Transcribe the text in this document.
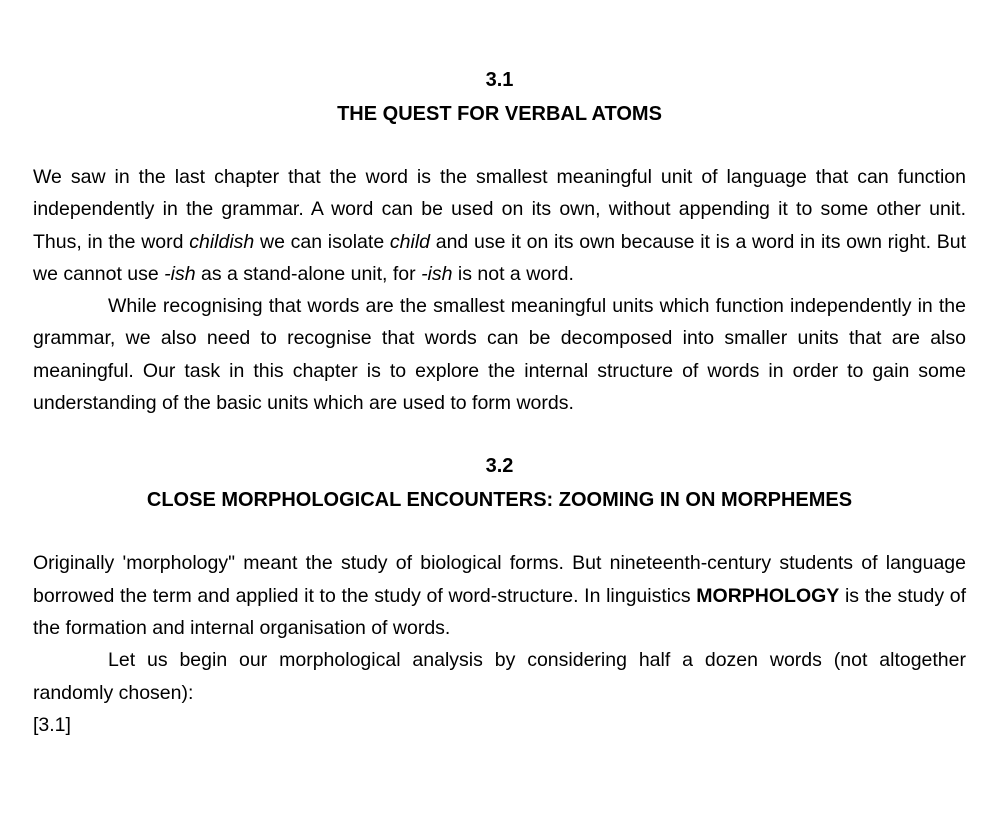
3.1
THE QUEST FOR VERBAL ATOMS

We saw in the last chapter that the word is the smallest meaningful unit of language that can function independently in the grammar. A word can be used on its own, without appending it to some other unit. Thus, in the word childish we can isolate child and use it on its own because it is a word in its own right. But we cannot use -ish as a stand-alone unit, for -ish is not a word.

While recognising that words are the smallest meaningful units which function independently in the grammar, we also need to recognise that words can be decomposed into smaller units that are also meaningful. Our task in this chapter is to explore the internal structure of words in order to gain some understanding of the basic units which are used to form words.

3.2
CLOSE MORPHOLOGICAL ENCOUNTERS: ZOOMING IN ON MORPHEMES

Originally 'morphology" meant the study of biological forms. But nineteenth-century students of language borrowed the term and applied it to the study of word-structure. In linguistics MORPHOLOGY is the study of the formation and internal organisation of words.

Let us begin our morphological analysis by considering half a dozen words (not altogether randomly chosen):

[3.1]
